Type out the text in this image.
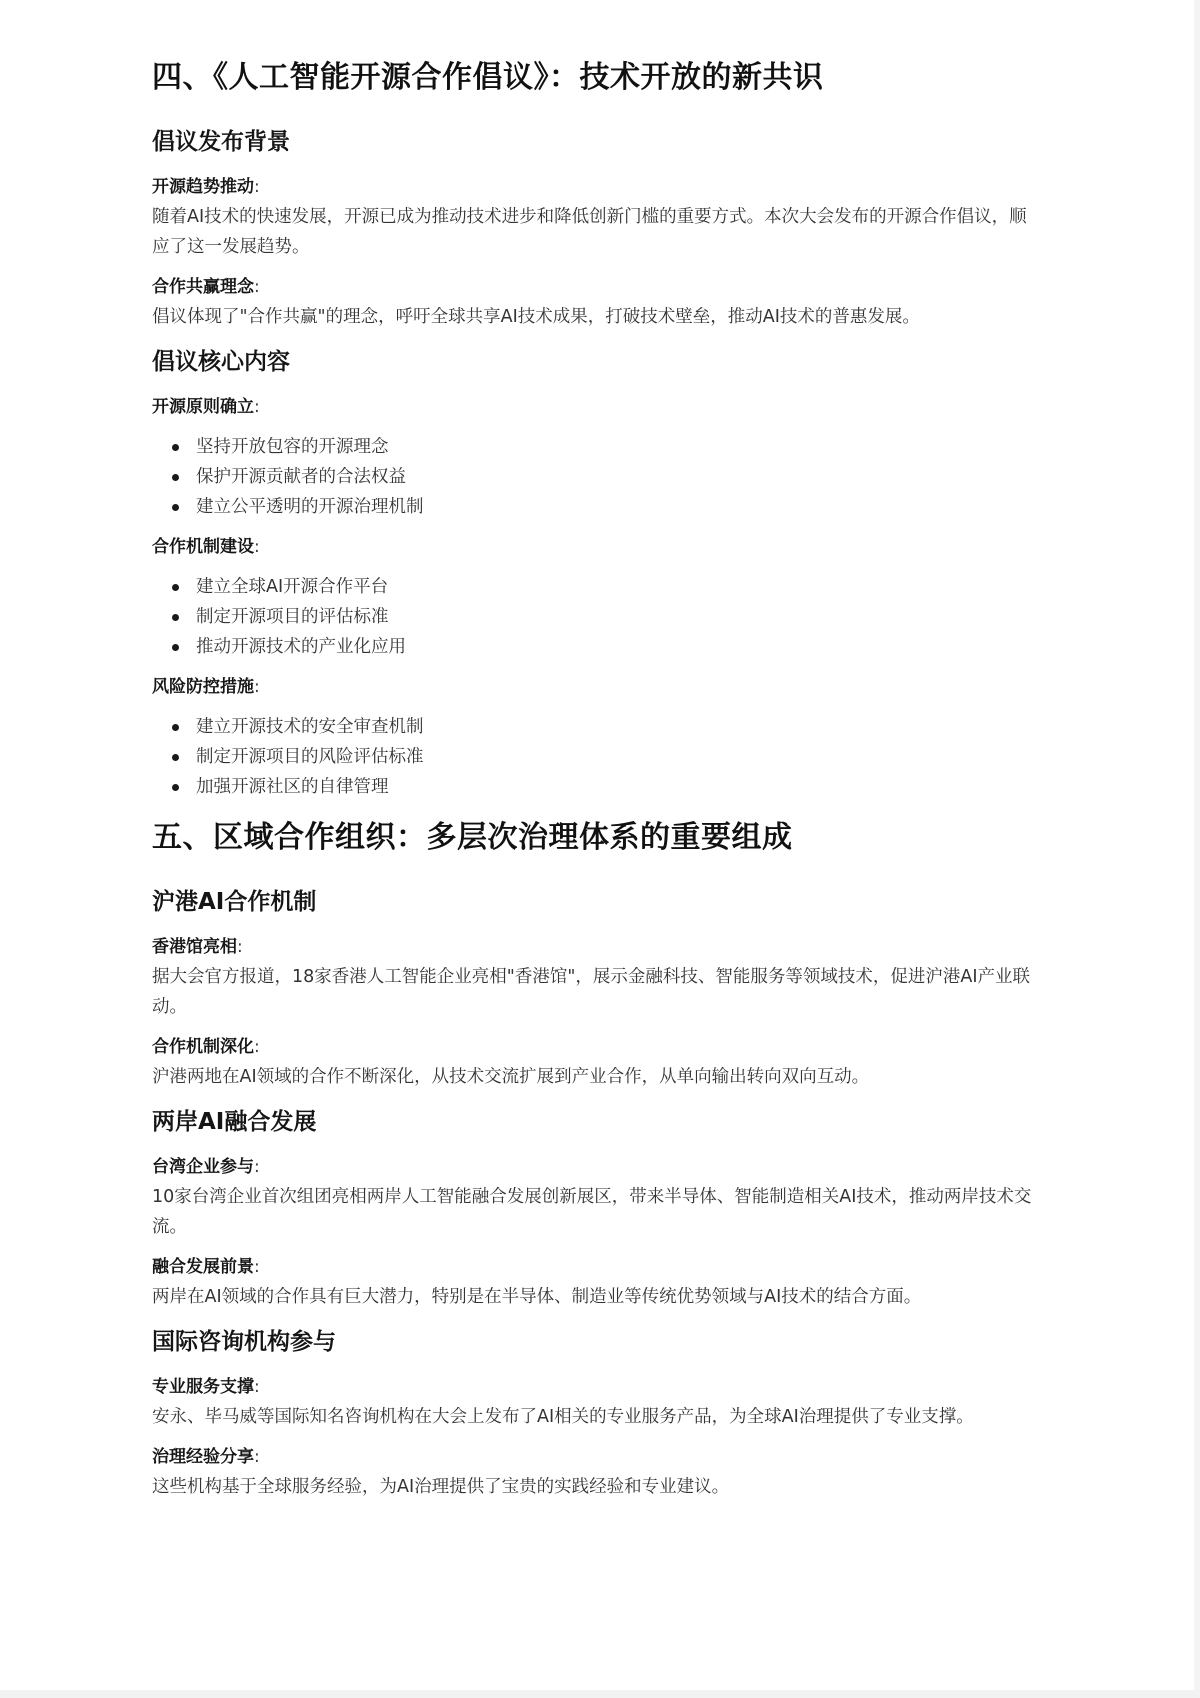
四、《人工智能开源合作倡议》：技术开放的新共识
倡议发布背景

开源趋势推动:

随着AI技术的快速发展，开源已成为推动技术进步和降低创新门槛的重要方式。本次大会发布的开源合作倡议，顺应了这一发展趋势。

合作共赢理念:

倡议体现了"合作共赢"的理念，呼吁全球共享AI技术成果，打破技术壁垒，推动AI技术的普惠发展。

倡议核心内容

开源原则确立:

坚持开放包容的开源理念
保护开源贡献者的合法权益
建立公平透明的开源治理机制

合作机制建设:

建立全球AI开源合作平台
制定开源项目的评估标准
推动开源技术的产业化应用

风险防控措施:

建立开源技术的安全审查机制
制定开源项目的风险评估标准
加强开源社区的自律管理
五、区域合作组织：多层次治理体系的重要组成
沪港AI合作机制

香港馆亮相:

据大会官方报道，18家香港人工智能企业亮相"香港馆"，展示金融科技、智能服务等领域技术，促进沪港AI产业联动。

合作机制深化:

沪港两地在AI领域的合作不断深化，从技术交流扩展到产业合作，从单向输出转向双向互动。

两岸AI融合发展

台湾企业参与:

10家台湾企业首次组团亮相两岸人工智能融合发展创新展区，带来半导体、智能制造相关AI技术，推动两岸技术交流。

融合发展前景:

两岸在AI领域的合作具有巨大潜力，特别是在半导体、制造业等传统优势领域与AI技术的结合方面。

国际咨询机构参与

专业服务支撑:

安永、毕马威等国际知名咨询机构在大会上发布了AI相关的专业服务产品，为全球AI治理提供了专业支撑。

治理经验分享:

这些机构基于全球服务经验，为AI治理提供了宝贵的实践经验和专业建议。
